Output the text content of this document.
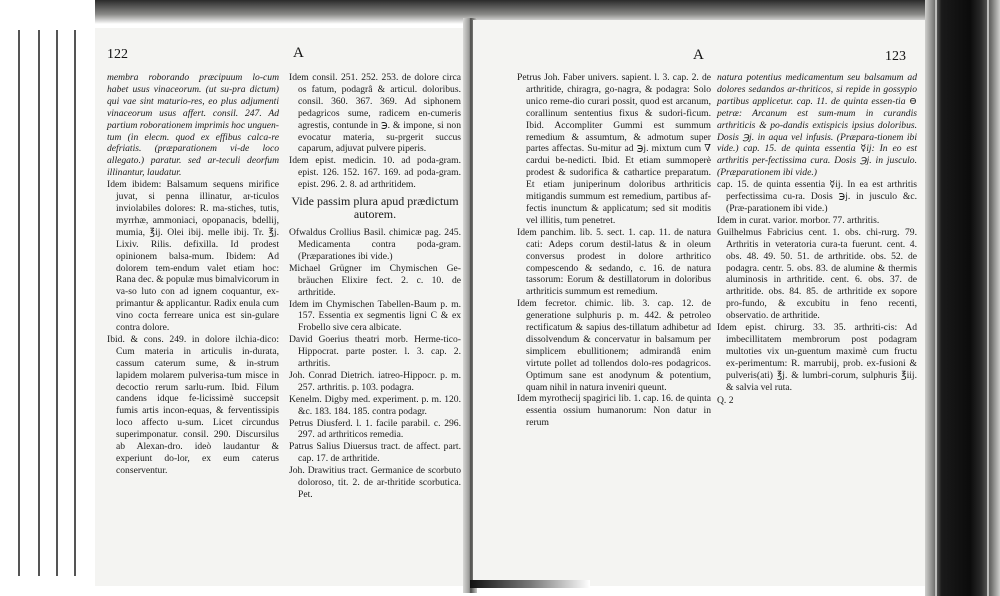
122	A

membra roborando præcipuum lo-cum habet usus vinaceorum. (ut su-pra dictum) qui vae sint maturio-res, eo plus adjumenti vinaceorum usus affert. consil. 247. Ad partium roborationem imprimis hoc unguen-tum (in elecm. quod ex effibus calca-re defriatis. (præparationem vi-de loco allegato.) paratur. sed ar-teculi deorfum illinantur, laudatur.

Idem ibidem: Balsamum sequens mirifice juvat, si penna illinatur, ar-ticulos inviolabiles dolores: R. ma-stiches, tutis, myrrhæ, ammoniaci, opopanacis, bdellij, mumia, ℥ij. Olei ibij. melle ibij. Tr. ℥j. Lixiv. Rilis. defixilla. Id prodest opinionem balsa-mum. Ibidem: Ad dolorem tem-endum valet etiam hoc: Rana dec. & populæ mus bimalvicorum in va-so luto con ad ignem coquantur, ex-primantur & applicantur. Radix enula cum vino cocta ferreare unica est sin-gulare contra dolore.

Ibid. & cons. 249. in dolore ilchia-dico: Cum materia in articulis in-durata, cassum caterum sume, & in-strum lapidem molarem pulverisa-tum misce in decoctio rerum sarlu-rum. Ibid. Filum candens idque fe-licissimè succepsit fumis artis incon-equas, & ferventissipis loco affecto u-sum. Licet circundus superimponatur. consil. 290. Discursilus ab Alexan-dro. ideò laudantur & experiunt do-lor, ex eum caterus conserventur.

Idem consil. 251. 252. 253. de dolore circa os fatum, podagrâ & articul. doloribus. consil. 360. 367. 369. Ad siphonem pedagricos sume, radicem en-cumeris agrestis, contunde in ℈. & impone, si non evocatur materia, su-prgerit succus caparum, adjuvat pulvere piperis.

Idem epist. medicin. 10. ad poda-gram. epist. 126. 152. 167. 169. ad poda-gram. epist. 296. 2. 8. ad arthritidem.

Vide passim plura apud prædictum autorem.

Ofwaldus Crollius Basil. chimicæ pag. 245. Medicamenta contra poda-gram. (Præparationes ibi vide.)

Michael Grügner im Chymischen Ge-bräuchen Elixire fect. 2. c. 10. de arthritide.

Idem im Chymischen Tabellen-Baum p. m. 157. Essentia ex segmentis ligni C & ex Frobello sive cera albicate.

David Goerius theatri morb. Herme-tico-Hippocrat. parte poster. l. 3. cap. 2. arthritis.

Joh. Conrad Dietrich. iatreo-Hippocr. p. m. 257. arthritis. p. 103. podagra.

Kenelm. Digby med. experiment. p. m. 120. &c. 183. 184. 185. contra podagr.

Petrus Diusferd. l. 1. facile parabil. c. 296. 297. ad arthriticos remedia.

Patrus Salius Diuersus tract. de affect. part. cap. 17. de arthritide.

Joh. Drawitius tract. Germanice de scorbuto doloroso, tit. 2. de ar-thritide scorbutica. Pet.

A	123

Petrus Joh. Faber univers. sapient. l. 3. cap. 2. de arthritide, chiragra, go-nagra, & podagra: Solo unico reme-dio curari possit, quod est arcanum, corallinum sententius fixus & sudori-ficum. Ibid. Accompliter Gummi est summum remedium & assumtum, & admotum super partes affectas. Su-mitur ad ℈j. mixtum cum ∇ cardui be-nedicti. Ibid. Et etiam summoperè prodest & sudorifica & cathartice preparatum. Et etiam juniperinum doloribus arthriticis mitigandis summum est remedium, partibus af-fectis inunctum & applicatum; sed sit moditis vel illitis, tum penetret.

Idem panchim. lib. 5. sect. 1. cap. 11. de natura cati: Adeps corum destil-latus & in oleum conversus prodest in dolore arthritico compescendo & sedando, c. 16. de natura tassorum: Eorum & destillatorum in doloribus arthriticis summum est remedium.

Idem fecretor. chimic. lib. 3. cap. 12. de generatione sulphuris p. m. 442. & petroleo rectificatum & sapius des-tillatum adhibetur ad dissolvendum & concervatur in balsamum per simplicem ebullitionem; admirandâ enim virtute pollet ad tollendos dolo-res podagricos. Optimum sane est anodynum & potentium, quam nihil in natura inveniri queunt.

Idem myrothecij spagirici lib. 1. cap. 16. de quinta essentia ossium humanorum: Non datur in rerum

natura potentius medicamentum seu balsamum ad dolores sedandos ar-thriticos, si repide in gossypio partibus applicetur. cap. 11. de quinta essen-tia ⊖ petræ: Arcanum est sum-mum in curandis arthriticis & po-dandis extispicis ipsius doloribus. Dosis ℈j. in aqua vel infusis. (Præpara-tionem ibi vide.) cap. 15. de quinta essentia ☿ij: In eo est arthritis per-fectissima cura. Dosis ℈j. in jusculo. (Præparationem ibi vide.)

cap. 15. de quinta essentia ☿ij. In ea est arthritis perfectissima cu-ra. Dosis ℈j. in jusculo &c. (Præ-parationem ibi vide.)

Idem in curat. varior. morbor. 77. arthritis.

Guilhelmus Fabricius cent. 1. obs. chi-rurg. 79. Arthritis in veteratoria cura-ta fuerunt. cent. 4. obs. 48. 49. 50. 51. de arthritide. obs. 52. de podagra. centr. 5. obs. 83. de alumine & thermis aluminosis in arthritide. cent. 6. obs. 37. de arthritide. obs. 84. 85. de arthritide ex sopore pro-fundo, & excubitu in feno recenti, observatio. de arthritide.

Idem epist. chirurg. 33. 35. arthriti-cis: Ad imbecillitatem membrorum post podagram multoties vix un-guentum maximè cum fructu ex-perimentum: R. marrubij, prob. ex-fusioni & pulveris(ati) ℥j. & lumbri-corum, sulphuris ℥iij. & salvia vel ruta.

Q. 2
